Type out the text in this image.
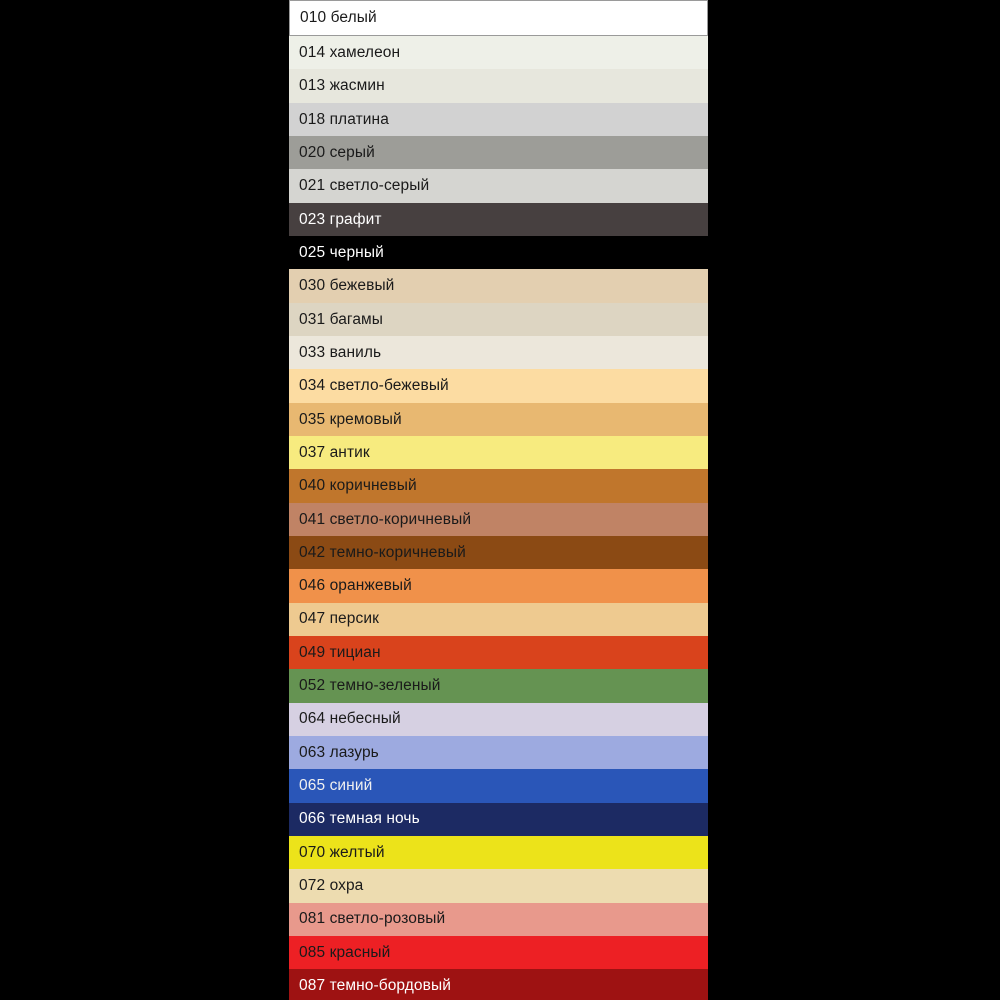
010 белый
014 хамелеон
013 жасмин
018 платина
020 серый
021 светло-серый
023 графит
025 черный
030 бежевый
031 багамы
033 ваниль
034 светло-бежевый
035 кремовый
037 антик
040 коричневый
041 светло-коричневый
042 темно-коричневый
046 оранжевый
047 персик
049 тициан
052 темно-зеленый
064 небесный
063 лазурь
065 синий
066 темная ночь
070 желтый
072 охра
081 светло-розовый
085 красный
087 темно-бордовый
